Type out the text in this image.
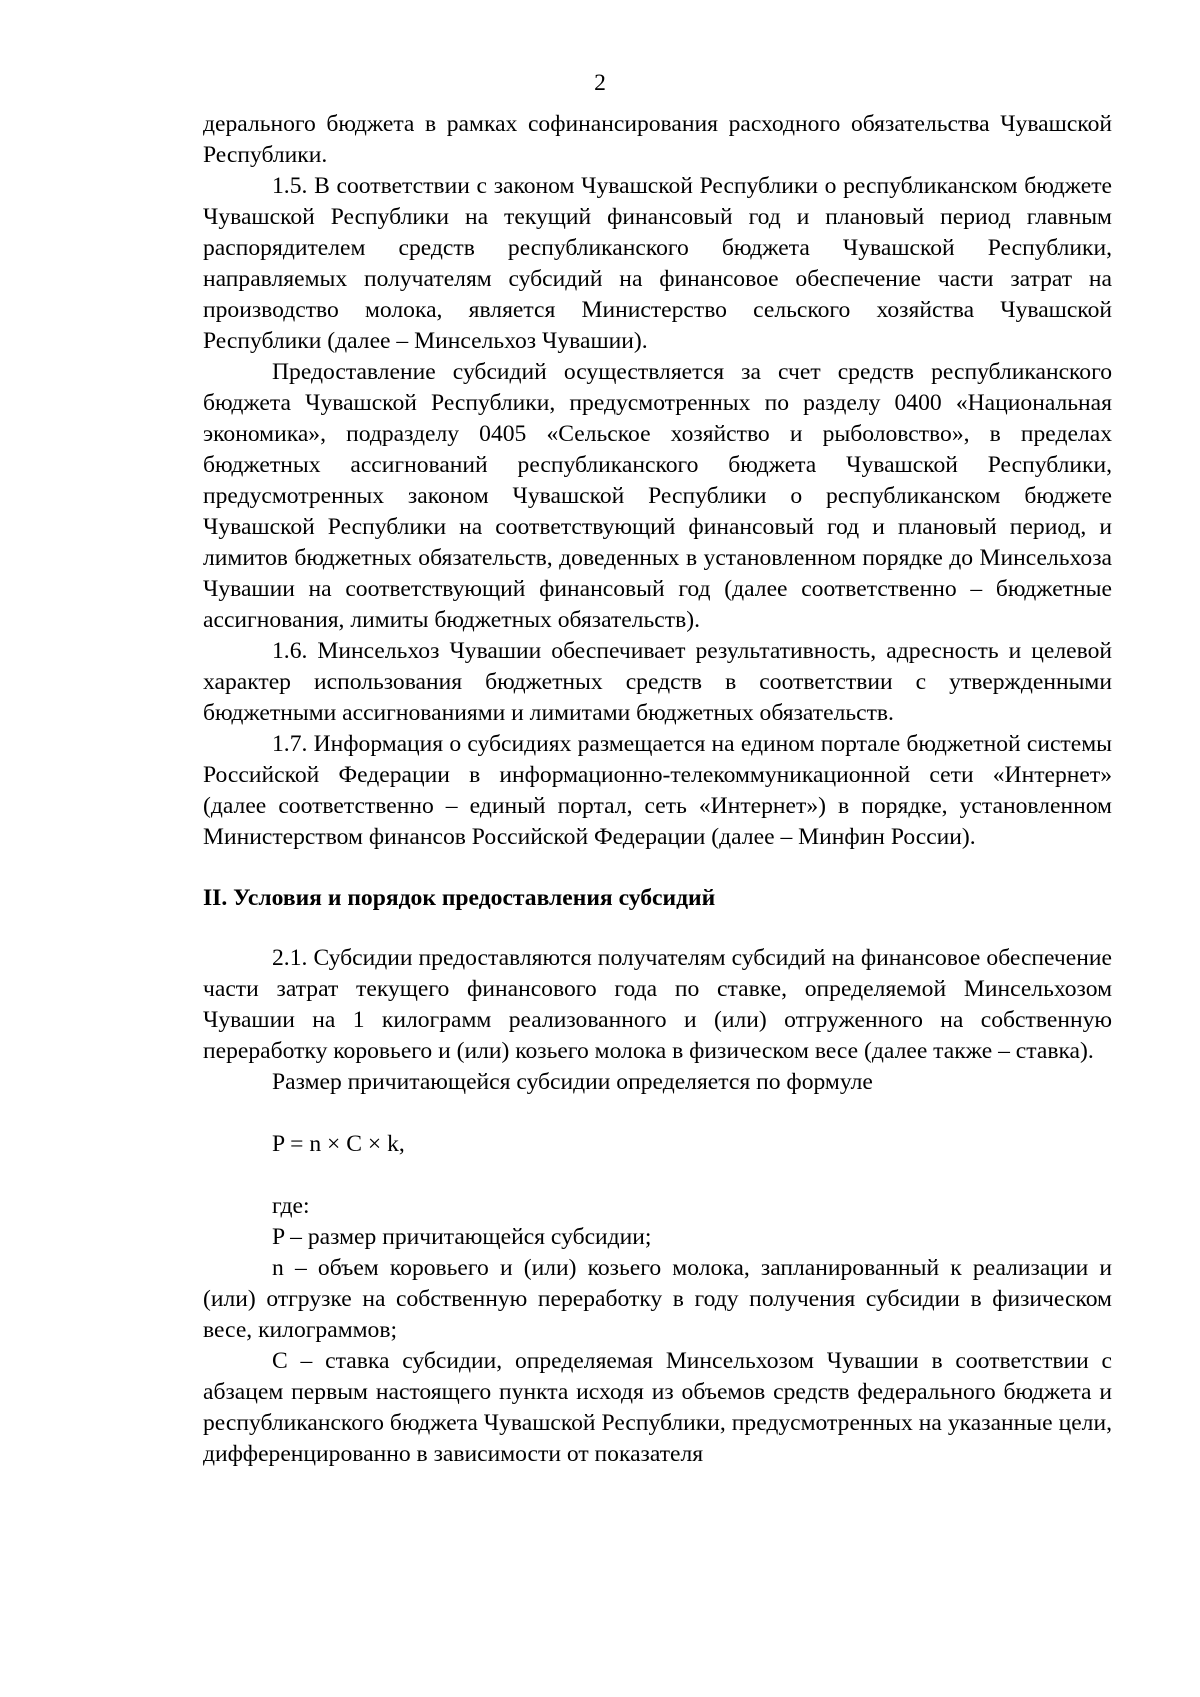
2

дерального бюджета в рамках софинансирования расходного обязательства Чувашской Республики.

1.5. В соответствии с законом Чувашской Республики о республиканском бюджете Чувашской Республики на текущий финансовый год и плановый период главным распорядителем средств республиканского бюджета Чувашской Республики, направляемых получателям субсидий на финансовое обеспечение части затрат на производство молока, является Министерство сельского хозяйства Чувашской Республики (далее – Минсельхоз Чувашии).

Предоставление субсидий осуществляется за счет средств республиканского бюджета Чувашской Республики, предусмотренных по разделу 0400 «Национальная экономика», подразделу 0405 «Сельское хозяйство и рыболовство», в пределах бюджетных ассигнований республиканского бюджета Чувашской Республики, предусмотренных законом Чувашской Республики о республиканском бюджете Чувашской Республики на соответствующий финансовый год и плановый период, и лимитов бюджетных обязательств, доведенных в установленном порядке до Минсельхоза Чувашии на соответствующий финансовый год (далее соответственно – бюджетные ассигнования, лимиты бюджетных обязательств).

1.6. Минсельхоз Чувашии обеспечивает результативность, адресность и целевой характер использования бюджетных средств в соответствии с утвержденными бюджетными ассигнованиями и лимитами бюджетных обязательств.

1.7. Информация о субсидиях размещается на едином портале бюджетной системы Российской Федерации в информационно-телекоммуникационной сети «Интернет» (далее соответственно – единый портал, сеть «Интернет») в порядке, установленном Министерством финансов Российской Федерации (далее – Минфин России).

II. Условия и порядок предоставления субсидий

2.1. Субсидии предоставляются получателям субсидий на финансовое обеспечение части затрат текущего финансового года по ставке, определяемой Минсельхозом Чувашии на 1 килограмм реализованного и (или) отгруженного на собственную переработку коровьего и (или) козьего молока в физическом весе (далее также – ставка).

Размер причитающейся субсидии определяется по формуле

P = n × C × k,

где:

P – размер причитающейся субсидии;

n – объем коровьего и (или) козьего молока, запланированный к реализации и (или) отгрузке на собственную переработку в году получения субсидии в физическом весе, килограммов;

C – ставка субсидии, определяемая Минсельхозом Чувашии в соответствии с абзацем первым настоящего пункта исходя из объемов средств федерального бюджета и республиканского бюджета Чувашской Республики, предусмотренных на указанные цели, дифференцированно в зависимости от показателя
